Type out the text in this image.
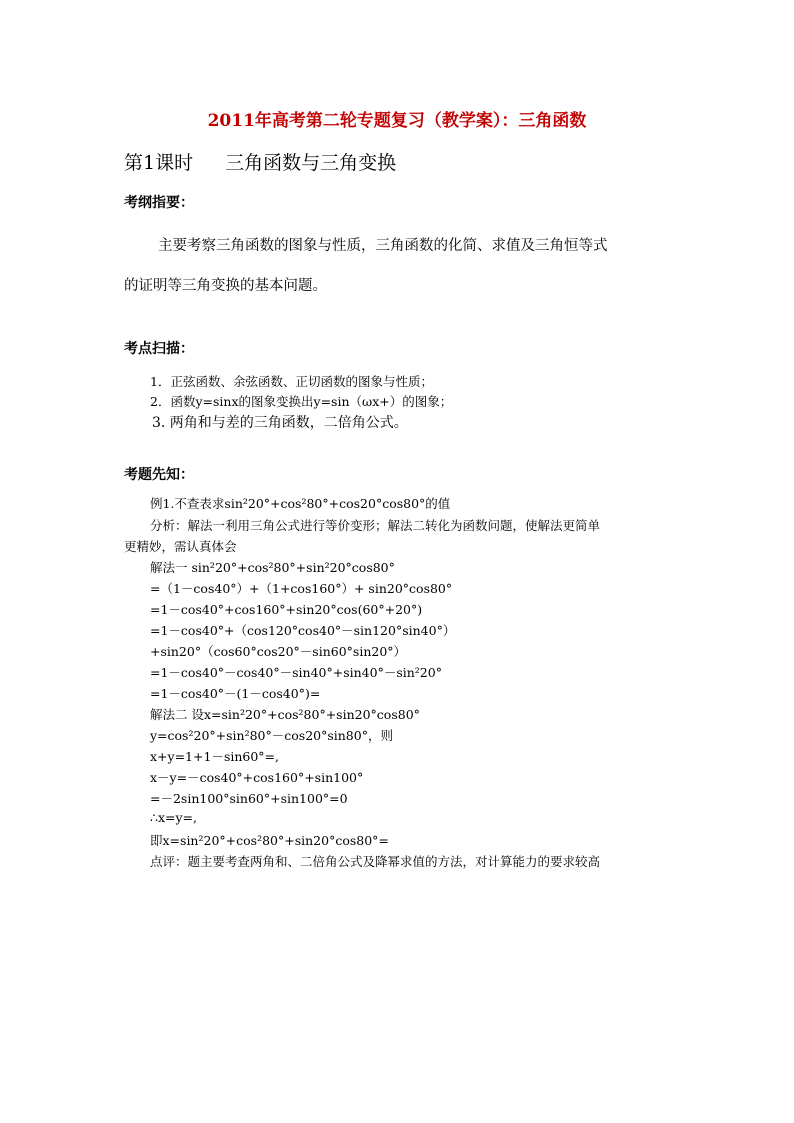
2011年高考第二轮专题复习（教学案）：三角函数
第1课时 三角函数与三角变换
考纲指要：
主要考察三角函数的图象与性质，三角函数的化简、求值及三角恒等式
的证明等三角变换的基本问题。
考点扫描：
1．正弦函数、余弦函数、正切函数的图象与性质；
2．函数y=sinx的图象变换出y=sin（ωx+）的图象；
3. 两角和与差的三角函数，二倍角公式。
考题先知：
例1.不查表求sin²20°+cos²80°+cos20°cos80°的值
分析：解法一利用三角公式进行等价变形；解法二转化为函数问题，使解法更简单
更精妙，需认真体会
解法一 sin²20°+cos²80°+sin²20°cos80°
=（1－cos40°）+（1+cos160°）+ sin20°cos80°
=1－cos40°+cos160°+sin20°cos(60°+20°)
=1－cos40°+（cos120°cos40°－sin120°sin40°）
+sin20°（cos60°cos20°－sin60°sin20°）
=1－cos40°－cos40°－sin40°+sin40°－sin²20°
=1－cos40°－(1－cos40°)=
解法二 设x=sin²20°+cos²80°+sin20°cos80°
y=cos²20°+sin²80°－cos20°sin80°，则
x+y=1+1－sin60°=,
x－y=－cos40°+cos160°+sin100°
=－2sin100°sin60°+sin100°=0
∴x=y=,
即x=sin²20°+cos²80°+sin20°cos80°=
点评：题主要考查两角和、二倍角公式及降幂求值的方法，对计算能力的要求较高
